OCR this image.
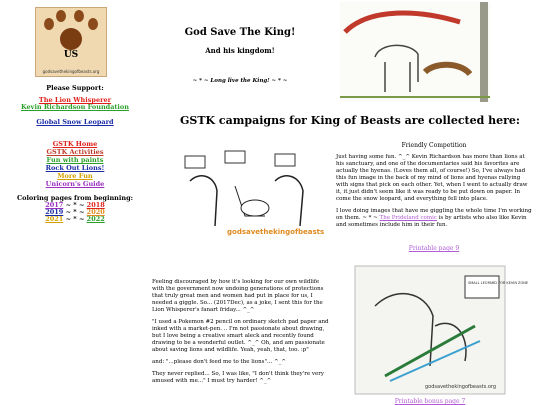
US
godsavethekingofbeasts.org
Please Support:
The Lion Whisperer
Kevin Richardson Foundation
Global Snow Leopard
GSTK Home
GSTK Activities
Fun with paints
Rock Out Lions!
More Fun
Unicorn's Guide
Coloring pages from beginning:
2017 ~ * ~ 2018
2019 ~ * ~ 2020
2021 ~ * ~ 2022
God Save The King!
And his kingdom!
~ * ~ Long live the King! ~ * ~
GSTK campaigns for King of Beasts are collected here:
godsavethekingofbeasts
Friendly Competition

Just having some fun. ^_^ Kevin Richardson has more than lions at his sanctuary, and one of the documentaries said his favorites are actually the hyenas. (Loves them all, of course!) So, I've always had this fun image in the back of my mind of lions and hyenas rallying with signs that pick on each other. Yet, when I went to actually draw it, it just didn't seem like it was ready to be put down on paper. In come the snow leopard, and everything fell into place.

I love doing images that have me giggling the whole time I'm working on them. ~ * ~ The Prideland comic is by artists who also like Kevin and sometimes include him in their fun.

Printable page 9

Feeling discouraged by how it's looking for our own wildlife with the government now undoing generations of protections that truly great men and women had put in place for us, I needed a giggle. So... (2017Dec), as a joke, I sent this for the Lion Whisperer's fanart friday... ^_^

"I used a Pokemon #2 pencil on ordinary sketch pad paper and inked with a market-pen. .. I'm not passionate about drawing, but I love being a creative smart aleck and recently found drawing to be a wonderful outlet. ^_^ Oh, and am passionate about saving lions and wildlife. Yeah, yeah, that, too. :p"

and: "...please don't feed me to the lions"... ^_^

They never replied... So, I was like, "I don't think they're very amused with me..." I must try harder! ^_^

SMALL LEOPARD FOR KEVIN ZONE
godsavethekingofbeasts.org
Printable bonus page 7
